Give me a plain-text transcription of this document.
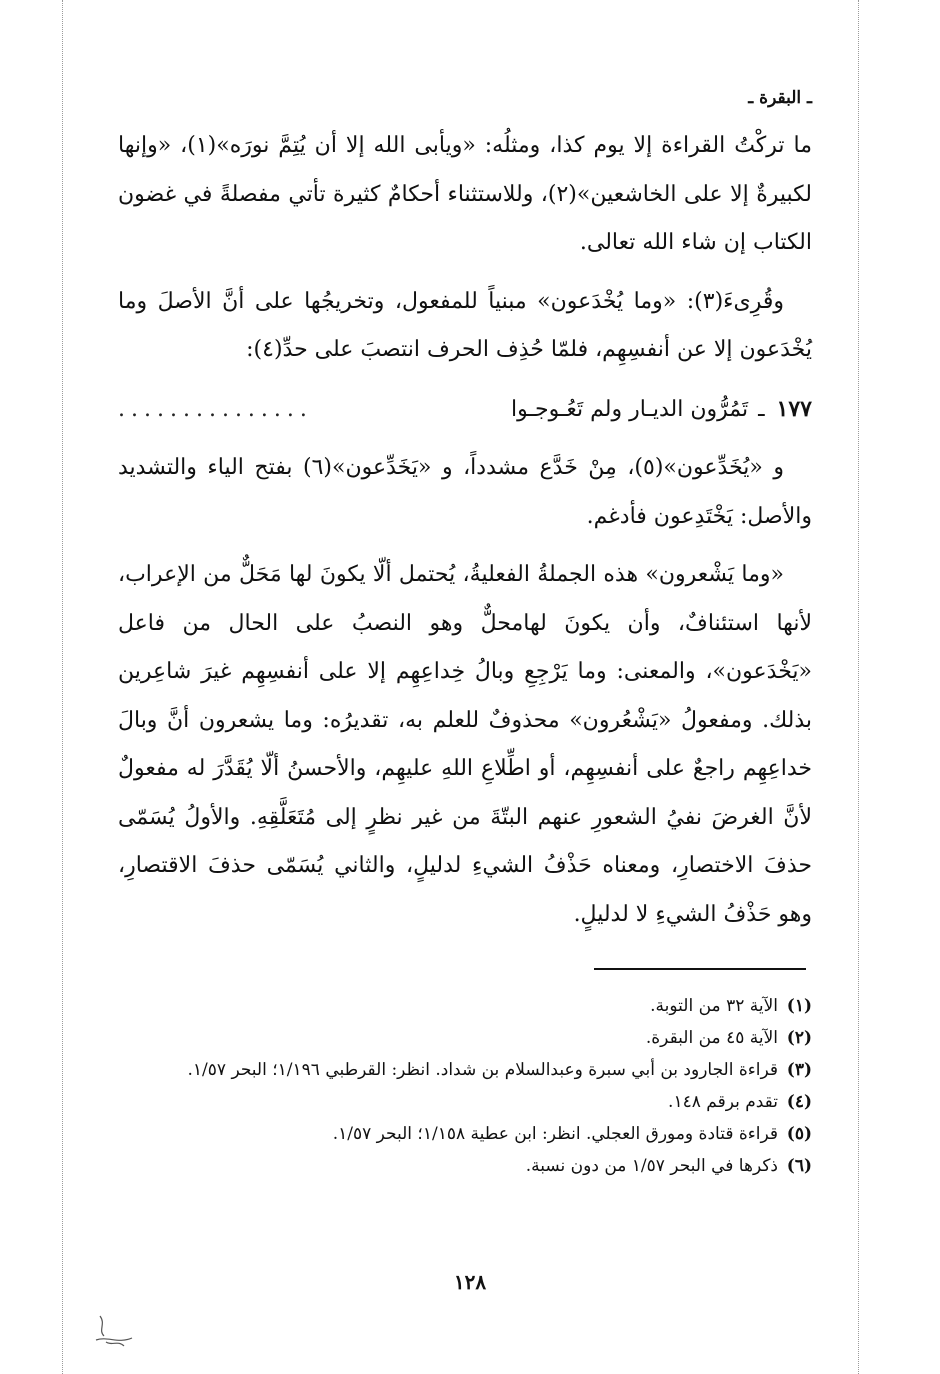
ـ البقرة ـ

ما تركْتُ القراءة إلا يوم كذا، ومثلُه: «ويأبى الله إلا أن يُتِمَّ نورَه»(١)، «وإنها لكبيرةٌ إلا على الخاشعين»(٢)، وللاستثناء أحكامٌ كثيرة تأتي مفصلةً في غضون الكتاب إن شاء الله تعالى.

وقُرِىءَ(٣): «وما يُخْدَعون» مبنياً للمفعول، وتخريجُها على أنَّ الأصلَ وما يُخْدَعون إلا عن أنفسِهِم، فلمّا حُذِف الحرف انتصبَ على حدِّ(٤):

١٧٧
ـ
تَمُرُّون الديـار ولم تَعُـوجـوا
...............

و «يُخَدِّعون»(٥)، مِنْ خَدَّع مشدداً، و «يَخَدِّعون»(٦) بفتح الياء والتشديد والأصل: يَخْتَدِعون فأدغم.

«وما يَشْعرون» هذه الجملةُ الفعليةُ، يُحتمل ألّا يكونَ لها مَحَلٌّ من الإعراب، لأنها استئنافٌ، وأن يكونَ لهامحلٌّ وهو النصبُ على الحال من فاعل «يَخْدَعون»، والمعنى: وما يَرْجِعِ وبالُ خِداعِهِم إلا على أنفسِهِم غيرَ شاعِرين بذلك. ومفعولُ «يَشْعُرون» محذوفٌ للعلم به، تقديرُه: وما يشعرون أنَّ وبالَ خداعِهِم راجعٌ على أنفسِهِم، أو اطِّلاعِ اللهِ عليهِم، والأحسنُ ألّا يُقَدَّرَ له مفعولٌ لأنَّ الغرضَ نفيُ الشعورِ عنهم البتّةَ من غير نظرٍ إلى مُتَعَلَّقِهِ. والأولُ يُسَمّى حذفَ الاختصارِ، ومعناه حَذْفُ الشيءِ لدليلٍ، والثاني يُسَمّى حذفَ الاقتصارِ، وهو حَذْفُ الشيءِ لا لدليلٍ.

(١)
الآية ٣٢ من التوبة.
(٢)
الآية ٤٥ من البقرة.
(٣)
قراءة الجارود بن أبي سبرة وعبدالسلام بن شداد. انظر: القرطبي ١/١٩٦؛ البحر ١/٥٧.
(٤)
تقدم برقم ١٤٨.
(٥)
قراءة قتادة ومورق العجلي. انظر: ابن عطية ١/١٥٨؛ البحر ١/٥٧.
(٦)
ذكرها في البحر ١/٥٧ من دون نسبة.
١٢٨
